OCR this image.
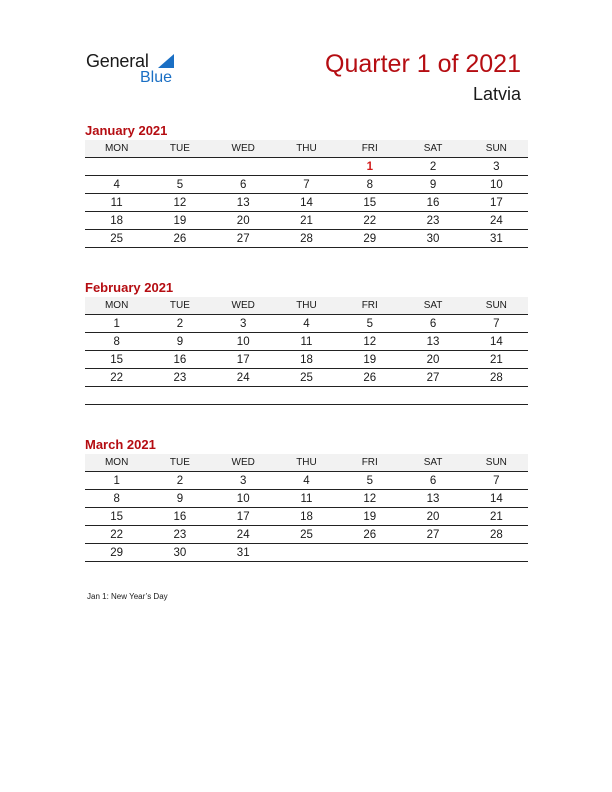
General
Blue	Quarter 1 of 2021
Latvia
January 2021
MON	TUE	WED	THU	FRI	SAT	SUN
				1	2	3
4	5	6	7	8	9	10
11	12	13	14	15	16	17
18	19	20	21	22	23	24
25	26	27	28	29	30	31
February 2021
MON	TUE	WED	THU	FRI	SAT	SUN
1	2	3	4	5	6	7
8	9	10	11	12	13	14
15	16	17	18	19	20	21
22	23	24	25	26	27	28

March 2021
MON	TUE	WED	THU	FRI	SAT	SUN
1	2	3	4	5	6	7
8	9	10	11	12	13	14
15	16	17	18	19	20	21
22	23	24	25	26	27	28
29	30	31				
Jan 1: New Year’s Day
